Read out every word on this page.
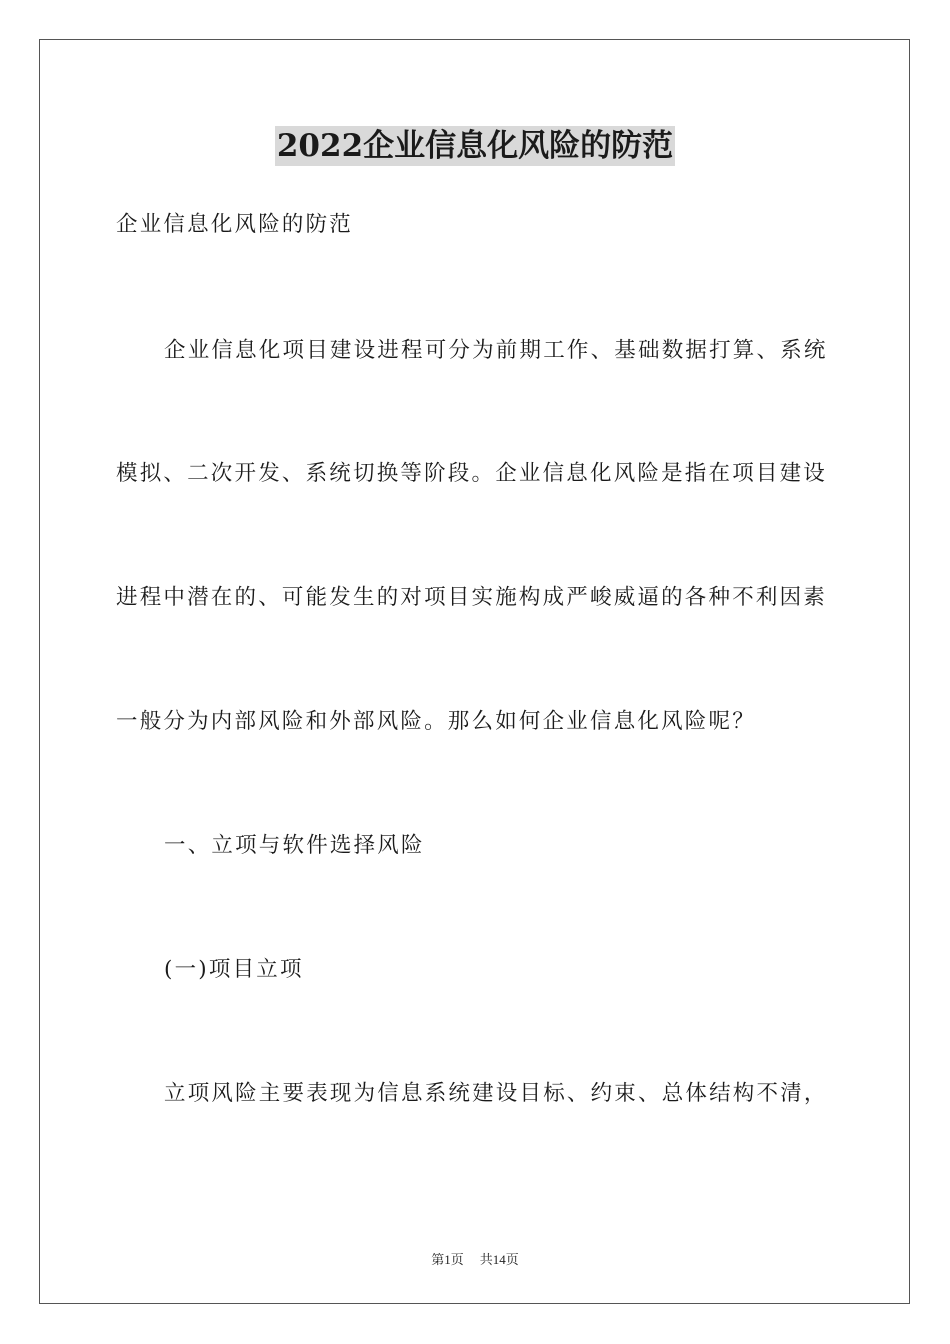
2022企业信息化风险的防范
企业信息化风险的防范
企业信息化项目建设进程可分为前期工作、基础数据打算、系统
模拟、二次开发、系统切换等阶段。企业信息化风险是指在项目建设
进程中潜在的、可能发生的对项目实施构成严峻威逼的各种不利因素
一般分为内部风险和外部风险。那么如何企业信息化风险呢？
一、立项与软件选择风险
(一)项目立项
立项风险主要表现为信息系统建设目标、约束、总体结构不清，
第1页 共14页
